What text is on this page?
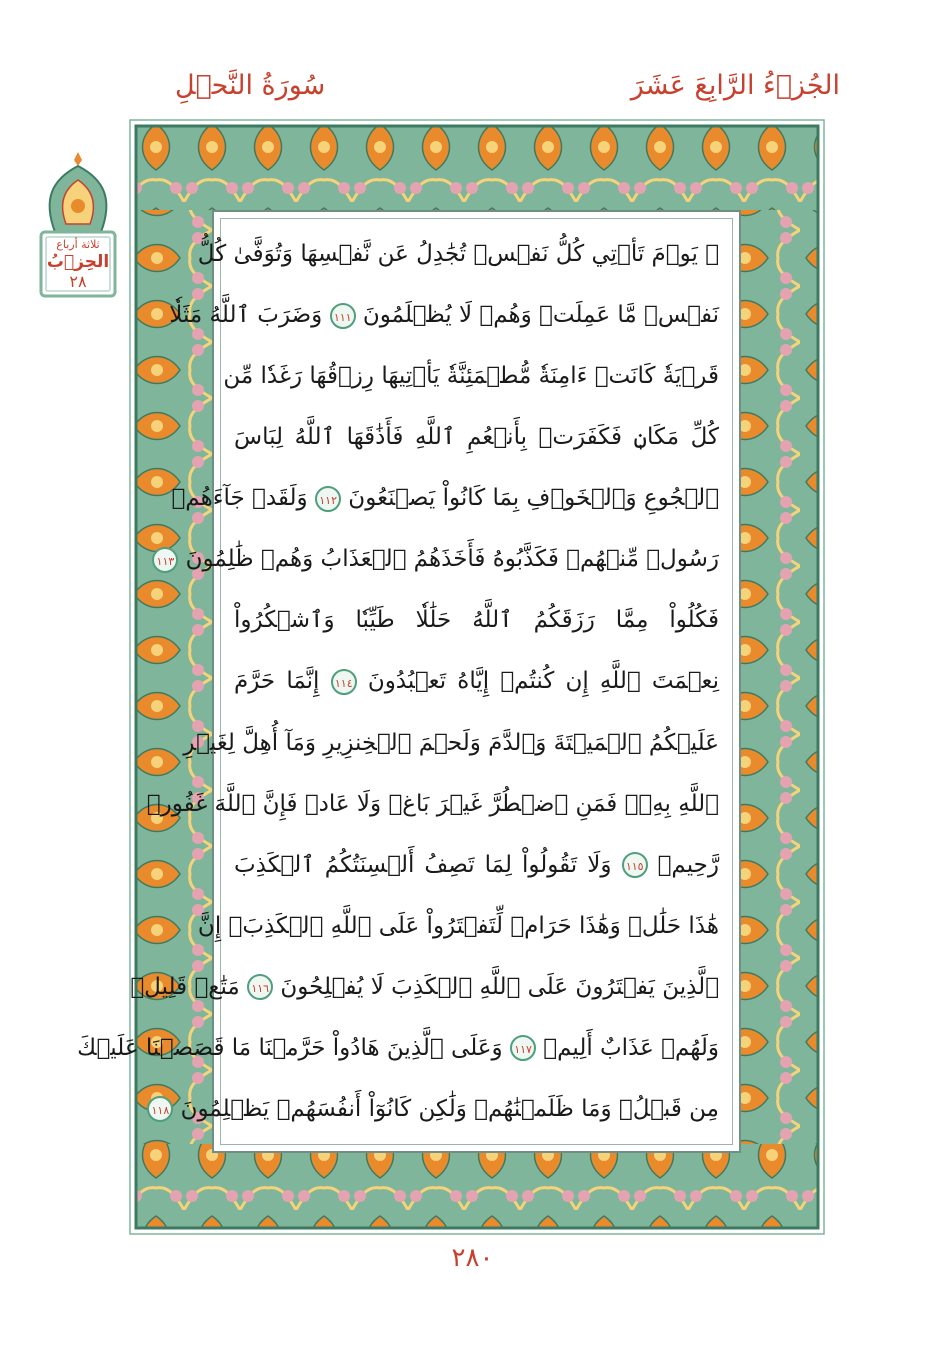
الجُزۡءُ الرَّابِعَ عَشَرَ
سُورَةُ النَّحۡلِ
ثلاثة أرباع
الحِزۡبُ
٢٨
۞ يَوۡمَ تَأۡتِي كُلُّ نَفۡسٖ تُجَٰدِلُ عَن نَّفۡسِهَا وَتُوَفَّىٰ كُلُّ
نَفۡسٖ مَّا عَمِلَتۡ وَهُمۡ لَا يُظۡلَمُونَ ١١١ وَضَرَبَ ٱللَّهُ مَثَلٗا
قَرۡيَةٗ كَانَتۡ ءَامِنَةٗ مُّطۡمَئِنَّةٗ يَأۡتِيهَا رِزۡقُهَا رَغَدٗا مِّن
كُلِّ مَكَانٖ فَكَفَرَتۡ بِأَنۡعُمِ ٱللَّهِ فَأَذَٰقَهَا ٱللَّهُ لِبَاسَ
ٱلۡجُوعِ وَٱلۡخَوۡفِ بِمَا كَانُواْ يَصۡنَعُونَ ١١٢ وَلَقَدۡ جَآءَهُمۡ
رَسُولٞ مِّنۡهُمۡ فَكَذَّبُوهُ فَأَخَذَهُمُ ٱلۡعَذَابُ وَهُمۡ ظَٰلِمُونَ ١١٣
فَكُلُواْ مِمَّا رَزَقَكُمُ ٱللَّهُ حَلَٰلٗا طَيِّبٗا وَٱشۡكُرُواْ
نِعۡمَتَ ٱللَّهِ إِن كُنتُمۡ إِيَّاهُ تَعۡبُدُونَ ١١٤ إِنَّمَا حَرَّمَ
عَلَيۡكُمُ ٱلۡمَيۡتَةَ وَٱلدَّمَ وَلَحۡمَ ٱلۡخِنزِيرِ وَمَآ أُهِلَّ لِغَيۡرِ
ٱللَّهِ بِهِۦۖ فَمَنِ ٱضۡطُرَّ غَيۡرَ بَاغٖ وَلَا عَادٖ فَإِنَّ ٱللَّهَ غَفُورٞ
رَّحِيمٞ ١١٥ وَلَا تَقُولُواْ لِمَا تَصِفُ أَلۡسِنَتُكُمُ ٱلۡكَذِبَ
هَٰذَا حَلَٰلٞ وَهَٰذَا حَرَامٞ لِّتَفۡتَرُواْ عَلَى ٱللَّهِ ٱلۡكَذِبَۚ إِنَّ
ٱلَّذِينَ يَفۡتَرُونَ عَلَى ٱللَّهِ ٱلۡكَذِبَ لَا يُفۡلِحُونَ ١١٦ مَتَٰعٞ قَلِيلٞ
وَلَهُمۡ عَذَابٌ أَلِيمٞ ١١٧ وَعَلَى ٱلَّذِينَ هَادُواْ حَرَّمۡنَا مَا قَصَصۡنَا عَلَيۡكَ
مِن قَبۡلُۖ وَمَا ظَلَمۡنَٰهُمۡ وَلَٰكِن كَانُوٓاْ أَنفُسَهُمۡ يَظۡلِمُونَ ١١٨
٢٨٠
